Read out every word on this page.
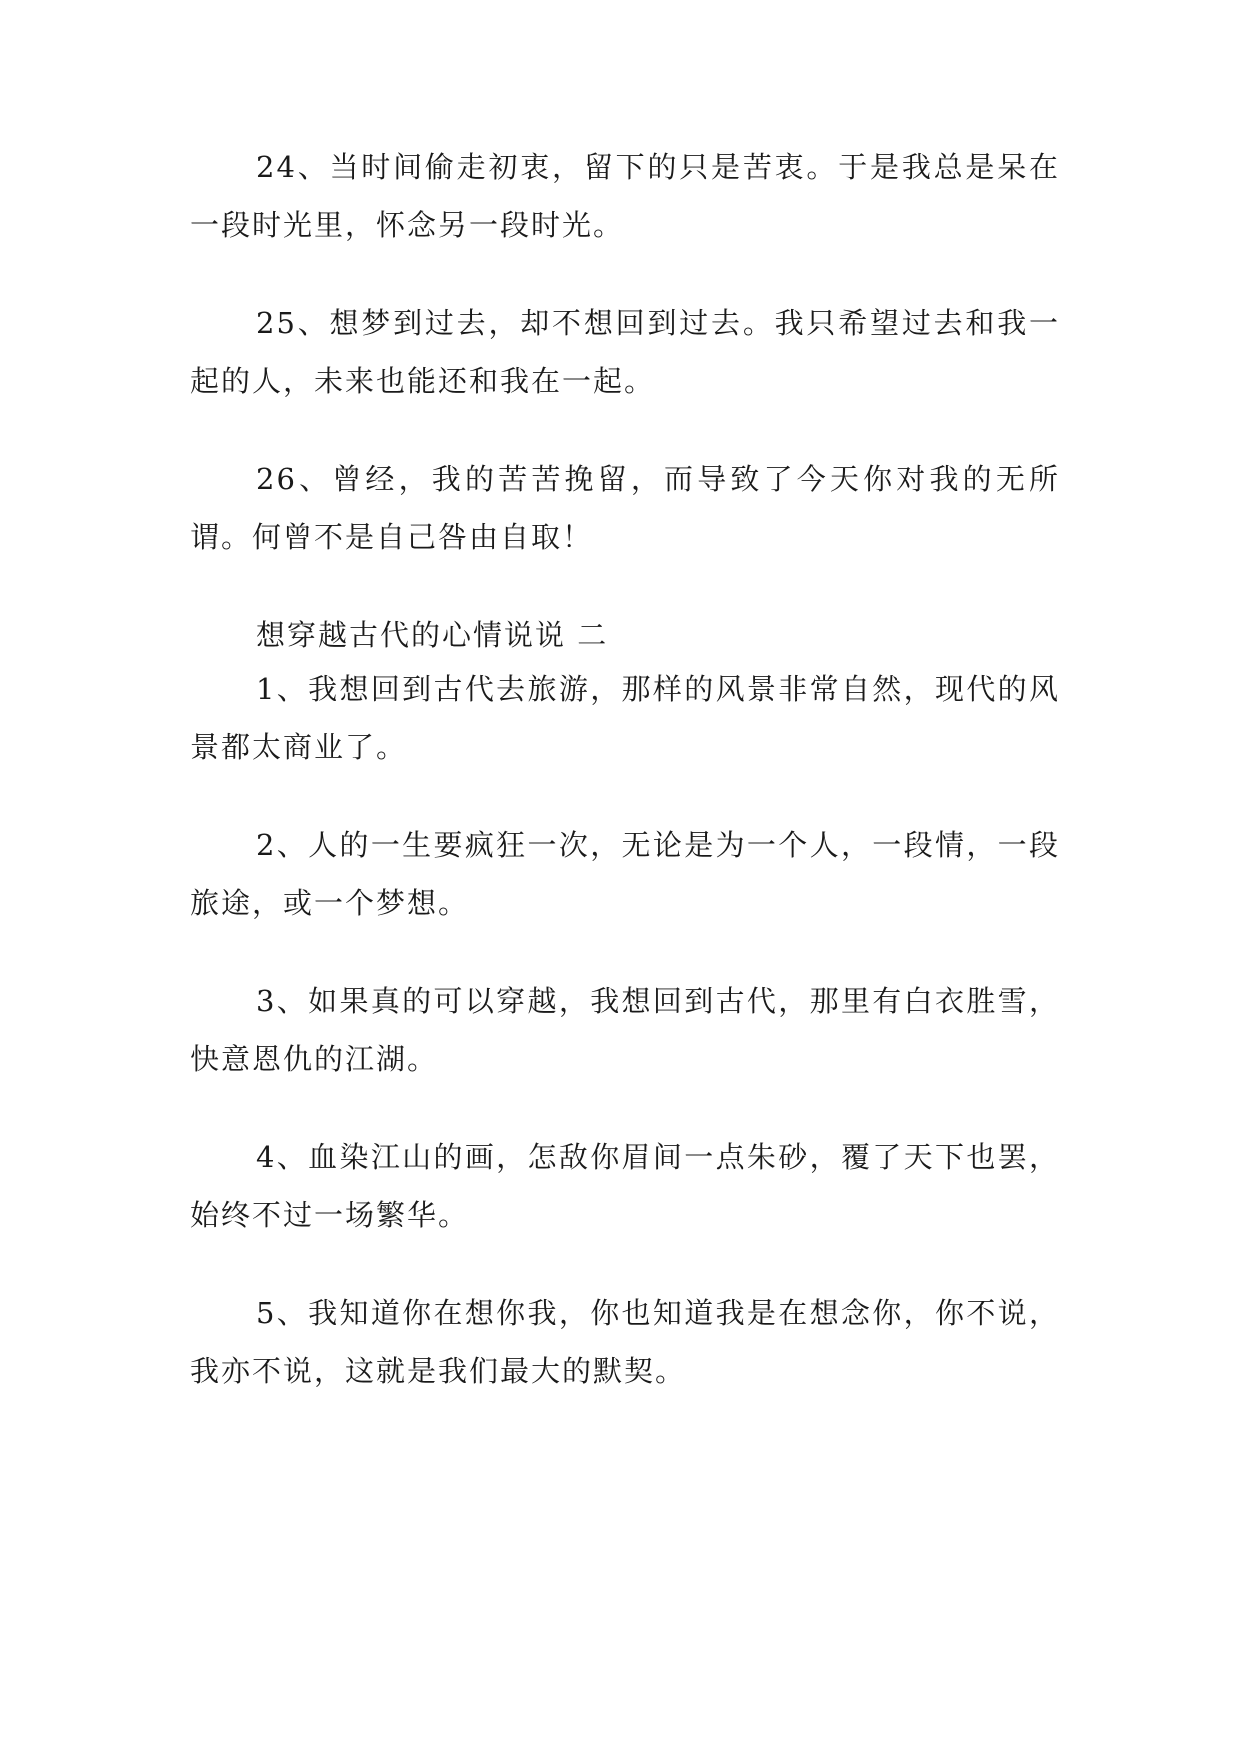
24、当时间偷走初衷，留下的只是苦衷。于是我总是呆在一段时光里，怀念另一段时光。

25、想梦到过去，却不想回到过去。我只希望过去和我一起的人，未来也能还和我在一起。

26、曾经，我的苦苦挽留，而导致了今天你对我的无所谓。何曾不是自己咎由自取！

想穿越古代的心情说说 二

1、我想回到古代去旅游，那样的风景非常自然，现代的风景都太商业了。

2、人的一生要疯狂一次，无论是为一个人，一段情，一段旅途，或一个梦想。

3、如果真的可以穿越，我想回到古代，那里有白衣胜雪，快意恩仇的江湖。

4、血染江山的画，怎敌你眉间一点朱砂，覆了天下也罢，始终不过一场繁华。

5、我知道你在想你我，你也知道我是在想念你，你不说，我亦不说，这就是我们最大的默契。
